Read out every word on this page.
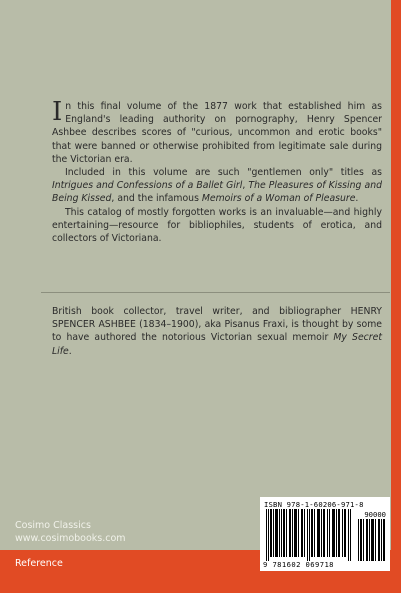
In this final volume of the 1877 work that established him as England's leading authority on pornography, Henry Spencer Ashbee describes scores of "curious, uncommon and erotic books" that were banned or otherwise prohibited from legitimate sale during the Victorian era.

Included in this volume are such "gentlemen only" titles as Intrigues and Confessions of a Ballet Girl, The Pleasures of Kissing and Being Kissed, and the infamous Memoirs of a Woman of Pleasure.

This catalog of mostly forgotten works is an invaluable—and highly entertaining—resource for bibliophiles, students of erotica, and collectors of Victoriana.

British book collector, travel writer, and bibliographer HENRY SPENCER ASHBEE (1834–1900), aka Pisanus Fraxi, is thought by some to have authored the notorious Victorian sexual memoir My Secret Life.

Cosimo Classics
www.cosimobooks.com
Reference
ISBN 978-1-60206-971-8
90000
9 781602 069718
